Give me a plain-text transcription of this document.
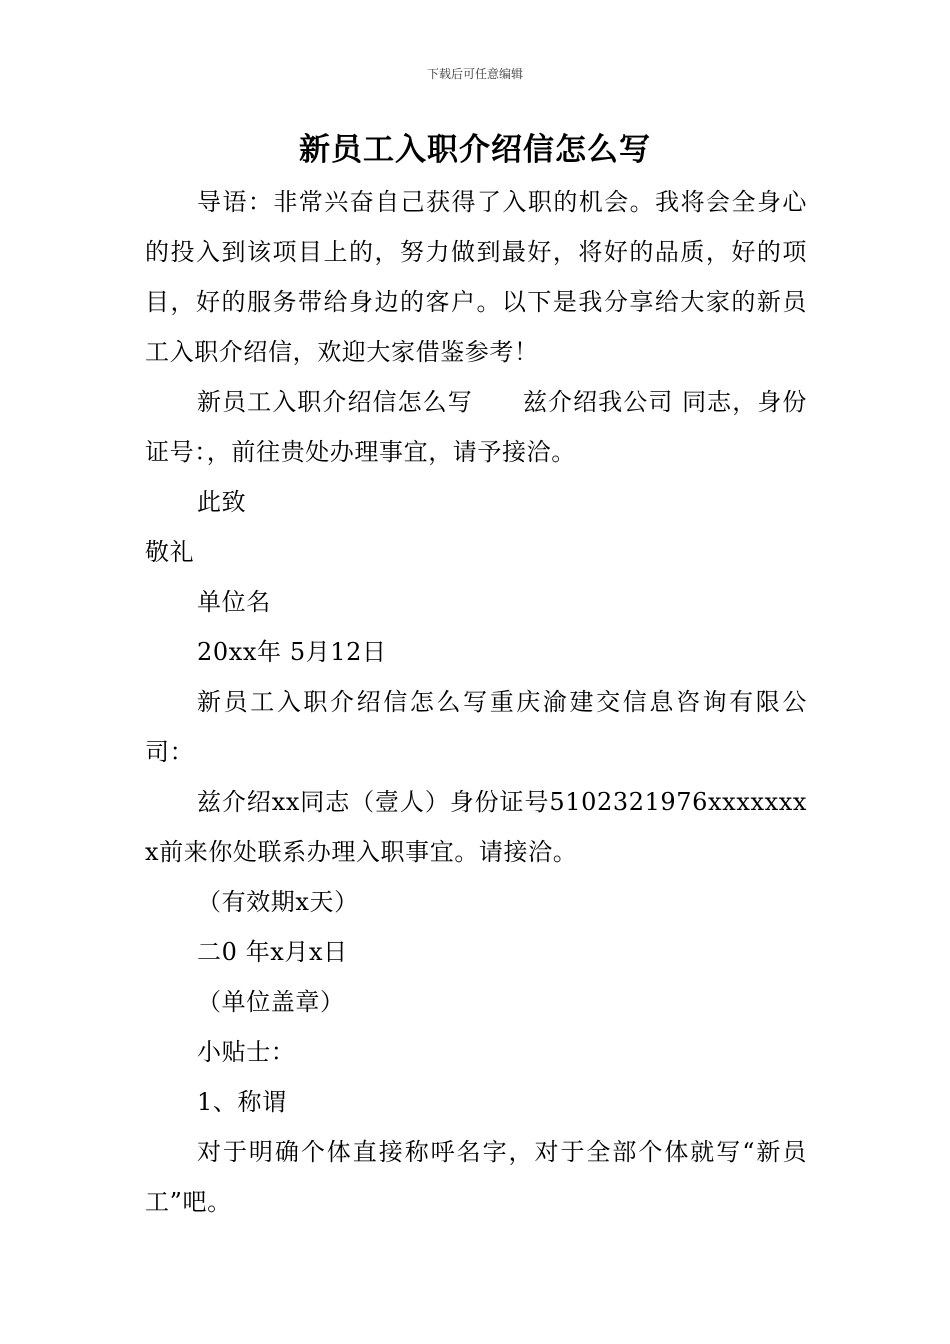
下载后可任意编辑
新员工入职介绍信怎么写

导语：非常兴奋自己获得了入职的机会。我将会全身心的投入到该项目上的，努力做到最好，将好的品质，好的项目，好的服务带给身边的客户。以下是我分享给大家的新员工入职介绍信，欢迎大家借鉴参考！

新员工入职介绍信怎么写　　兹介绍我公司 同志，身份证号：，前往贵处办理事宜，请予接洽。

此致

敬礼

单位名

20xx年 5月12日

新员工入职介绍信怎么写重庆渝建交信息咨询有限公司：

兹介绍xx同志（壹人）身份证号5102321976xxxxxxxx前来你处联系办理入职事宜。请接洽。

（有效期x天）

二0 年x月x日

（单位盖章）

小贴士：

1、称谓

对于明确个体直接称呼名字，对于全部个体就写“新员工”吧。
